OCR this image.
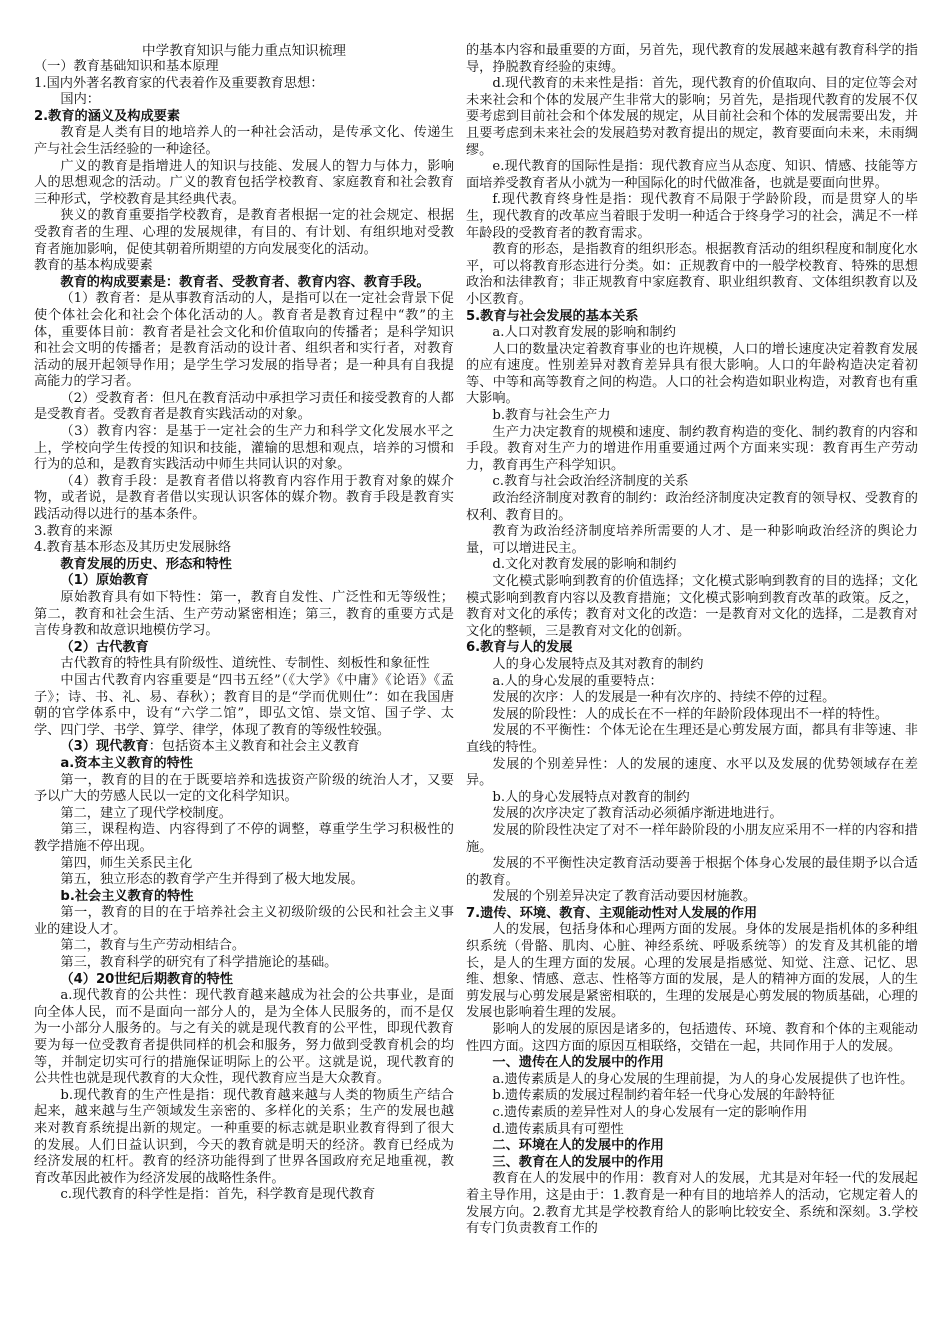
中学教育知识与能力重点知识梳理

（一）教育基础知识和基本原理

1.国内外著名教育家的代表着作及重要教育思想：

国内：

2.教育的涵义及构成要素

教育是人类有目的地培养人的一种社会活动，是传承文化、传递生产与社会生活经验的一种途径。

广义的教育是指增进人的知识与技能、发展人的智力与体力，影响人的思想观念的活动。广义的教育包括学校教育、家庭教育和社会教育三种形式，学校教育是其经典代表。

狭义的教育重要指学校教育，是教育者根据一定的社会规定、根据受教育者的生理、心理的发展规律，有目的、有计划、有组织地对受教育者施加影响，促使其朝着所期望的方向发展变化的活动。

教育的基本构成要素

教育的构成要素是：教育者、受教育者、教育内容、教育手段。

（1）教育者：是从事教育活动的人，是指可以在一定社会背景下促使个体社会化和社会个体化活动的人。教育者是教育过程中“教”的主体，重要体目前：教育者是社会文化和价值取向的传播者；是科学知识和社会文明的传播者；是教育活动的设计者、组织者和实行者，对教育活动的展开起领导作用；是学生学习发展的指导者；是一种具有自我提高能力的学习者。

（2）受教育者：但凡在教育活动中承担学习责任和接受教育的人都是受教育者。受教育者是教育实践活动的对象。

（3）教育内容：是基于一定社会的生产力和科学文化发展水平之上，学校向学生传授的知识和技能，灌输的思想和观点，培养的习惯和行为的总和，是教育实践活动中师生共同认识的对象。

（4）教育手段：是教育者借以将教育内容作用于教育对象的媒介物，或者说，是教育者借以实现认识客体的媒介物。教育手段是教育实践活动得以进行的基本条件。

3.教育的来源

4.教育基本形态及其历史发展脉络

教育发展的历史、形态和特性

（1）原始教育

原始教育具有如下特性：第一，教育自发性、广泛性和无等级性；第二，教育和社会生活、生产劳动紧密相连；第三，教育的重要方式是言传身教和故意识地模仿学习。

（2）古代教育

古代教育的特性具有阶级性、道统性、专制性、刻板性和象征性

中国古代教育内容重要是“四书五经”（《大学》《中庸》《论语》《孟子》；诗、书、礼、易、春秋）；教育目的是“学而优则仕”：如在我国唐朝的官学体系中，设有“六学二馆”，即弘文馆、崇文馆、国子学、太学、四门学、书学、算学、律学，体现了教育的等级性较强。

（3）现代教育：包括资本主义教育和社会主义教育

a.资本主义教育的特性

第一，教育的目的在于既要培养和选拔资产阶级的统治人才，又要予以广大的劳感人民以一定的文化科学知识。

第二，建立了现代学校制度。

第三，课程构造、内容得到了不停的调整，尊重学生学习积极性的教学措施不停出现。

第四，师生关系民主化

第五，独立形态的教育学产生并得到了极大地发展。

b.社会主义教育的特性

第一，教育的目的在于培养社会主义初级阶级的公民和社会主义事业的建设人才。

第二，教育与生产劳动相结合。

第三，教育科学的研究有了科学措施论的基础。

（4）20世纪后期教育的特性

a.现代教育的公共性：现代教育越来越成为社会的公共事业，是面向全体人民，而不是面向一部分人的，是为全体人民服务的，而不是仅为一小部分人服务的。与之有关的就是现代教育的公平性，即现代教育要为每一位受教育者提供同样的机会和服务，努力做到受教育机会的均等，并制定切实可行的措施保证明际上的公平。这就是说，现代教育的公共性也就是现代教育的大众性，现代教育应当是大众教育。

b.现代教育的生产性是指：现代教育越来越与人类的物质生产结合起来，越来越与生产领域发生亲密的、多样化的关系；生产的发展也越来对教育系统提出新的规定。一种重要的标志就是职业教育得到了很大的发展。人们日益认识到，今天的教育就是明天的经济。教育已经成为经济发展的杠杆。教育的经济功能得到了世界各国政府充足地重视，教育改革因此被作为经济发展的战略性条件。

c.现代教育的科学性是指：首先，科学教育是现代教育

的基本内容和最重要的方面，另首先，现代教育的发展越来越有教育科学的指导，挣脱教育经验的束缚。

d.现代教育的未来性是指：首先，现代教育的价值取向、目的定位等会对未来社会和个体的发展产生非常大的影响；另首先，是指现代教育的发展不仅要考虑到目前社会和个体发展的规定，从目前社会和个体的发展需要出发，并且要考虑到未来社会的发展趋势对教育提出的规定，教育要面向未来，未雨绸缪。

e.现代教育的国际性是指：现代教育应当从态度、知识、情感、技能等方面培养受教育者从小就为一种国际化的时代做准备，也就是要面向世界。

f.现代教育终身性是指：现代教育不局限于学龄阶段，而是贯穿人的毕生，现代教育的改革应当着眼于发明一种适合于终身学习的社会，满足不一样年龄段的受教育者的教育需求。

教育的形态，是指教育的组织形态。根据教育活动的组织程度和制度化水平，可以将教育形态进行分类。如：正规教育中的一般学校教育、特殊的思想政治和法律教育；非正规教育中家庭教育、职业组织教育、文体组织教育以及小区教育。

5.教育与社会发展的基本关系

a.人口对教育发展的影响和制约

人口的数量决定着教育事业的也许规模，人口的增长速度决定着教育发展的应有速度。性别差异对教育差异具有很大影响。人口的年龄构造决定着初等、中等和高等教育之间的构造。人口的社会构造如职业构造，对教育也有重大影响。

b.教育与社会生产力

生产力决定教育的规模和速度、制约教育构造的变化、制约教育的内容和手段。教育对生产力的增进作用重要通过两个方面来实现：教育再生产劳动力，教育再生产科学知识。

c.教育与社会政治经济制度的关系

政治经济制度对教育的制约：政治经济制度决定教育的领导权、受教育的权利、教育目的。

教育为政治经济制度培养所需要的人才、是一种影响政治经济的舆论力量，可以增进民主。

d.文化对教育发展的影响和制约

文化模式影响到教育的价值选择；文化模式影响到教育的目的选择；文化模式影响到教育内容以及教育措施；文化模式影响到教育改革的政策。反之，教育对文化的承传；教育对文化的改造：一是教育对文化的选择，二是教育对文化的整顿，三是教育对文化的创新。

6.教育与人的发展

人的身心发展特点及其对教育的制约

a.人的身心发展的重要特点：

发展的次序：人的发展是一种有次序的、持续不停的过程。

发展的阶段性：人的成长在不一样的年龄阶段体现出不一样的特性。

发展的不平衡性：个体无论在生理还是心剪发展方面，都具有非等速、非直线的特性。

发展的个别差异性：人的发展的速度、水平以及发展的优势领域存在差异。

b.人的身心发展特点对教育的制约

发展的次序决定了教育活动必须循序渐进地进行。

发展的阶段性决定了对不一样年龄阶段的小朋友应采用不一样的内容和措施。

发展的不平衡性决定教育活动要善于根据个体身心发展的最佳期予以合适的教育。

发展的个别差异决定了教育活动要因材施教。

7.遗传、环境、教育、主观能动性对人发展的作用

人的发展，包括身体和心理两方面的发展。身体的发展是指机体的多种组织系统（骨骼、肌肉、心脏、神经系统、呼吸系统等）的发育及其机能的增长，是人的生理方面的发展。心理的发展是指感觉、知觉、注意、记忆、思维、想象、情感、意志、性格等方面的发展，是人的精神方面的发展，人的生剪发展与心剪发展是紧密相联的，生理的发展是心剪发展的物质基础，心理的发展也影响着生理的发展。

影响人的发展的原因是诸多的，包括遗传、环境、教育和个体的主观能动性四方面。这四方面的原因互相联络，交错在一起，共同作用于人的发展。

一、遗传在人的发展中的作用

a.遗传素质是人的身心发展的生理前提，为人的身心发展提供了也许性。

b.遗传素质的发展过程制约着年轻一代身心发展的年龄特征

c.遗传素质的差异性对人的身心发展有一定的影响作用

d.遗传素质具有可塑性

二、环境在人的发展中的作用

三、教育在人的发展中的作用

教育在人的发展中的作用：教育对人的发展，尤其是对年轻一代的发展起着主导作用，这是由于：1.教育是一种有目的地培养人的活动，它规定着人的发展方向。2.教育尤其是学校教育给人的影响比较安全、系统和深刻。3.学校有专门负责教育工作的
